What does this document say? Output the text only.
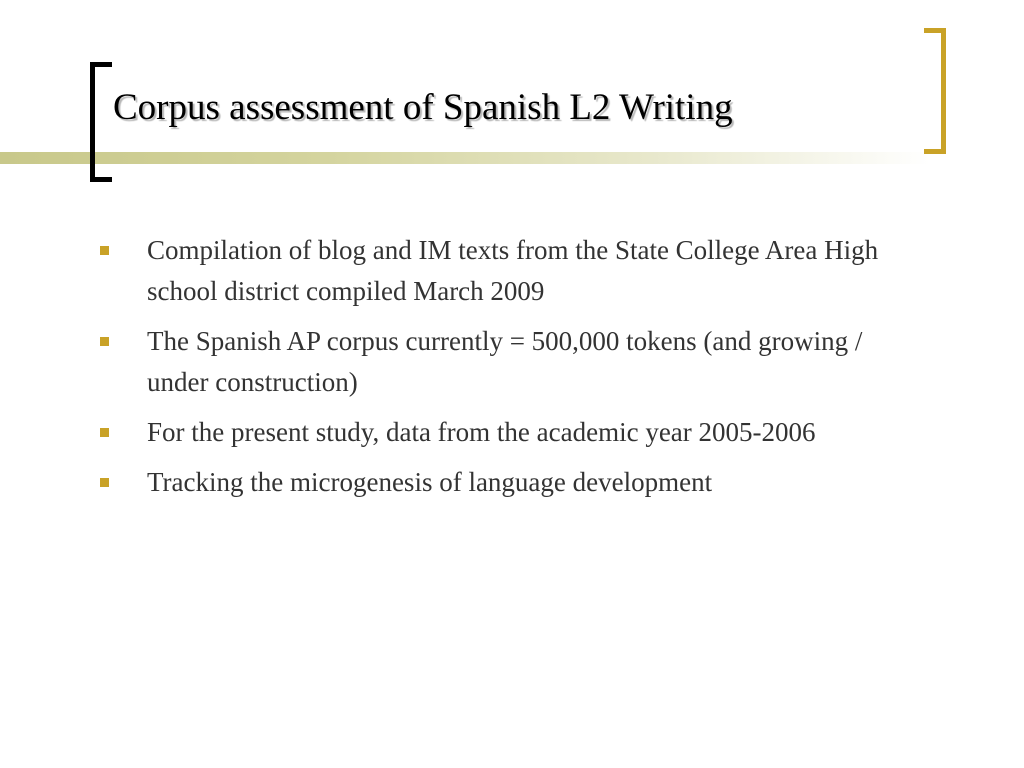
Corpus assessment of Spanish L2 Writing
Compilation of blog and IM texts from the State College Area High school district compiled March 2009
The Spanish AP corpus currently = 500,000 tokens (and growing / under construction)
For the present study, data from the academic year 2005-2006
Tracking the microgenesis of language development
